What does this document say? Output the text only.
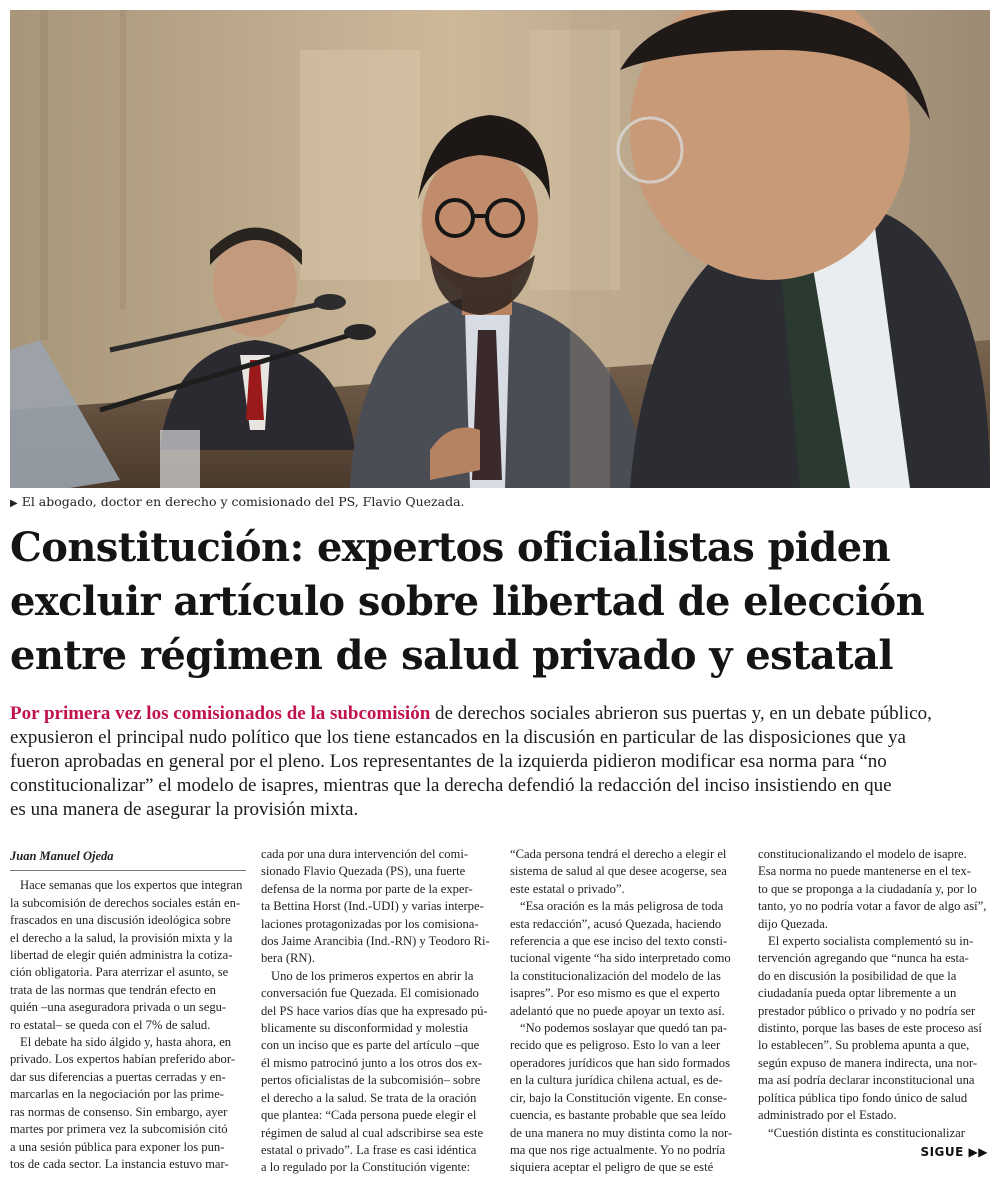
▶ El abogado, doctor en derecho y comisionado del PS, Flavio Quezada.
Constitución: expertos oficialistas piden
excluir artículo sobre libertad de elección
entre régimen de salud privado y estatal

Por primera vez los comisionados de la subcomisión de derechos sociales abrieron sus puertas y, en un debate público,
expusieron el principal nudo político que los tiene estancados en la discusión en particular de las disposiciones que ya
fueron aprobadas en general por el pleno. Los representantes de la izquierda pidieron modificar esa norma para “no
constitucionalizar” el modelo de isapres, mientras que la derecha defendió la redacción del inciso insistiendo en que
es una manera de asegurar la provisión mixta.

Juan Manuel Ojeda
Hace semanas que los expertos que integran
la subcomisión de derechos sociales están en-
frascados en una discusión ideológica sobre
el derecho a la salud, la provisión mixta y la
libertad de elegir quién administra la cotiza-
ción obligatoria. Para aterrizar el asunto, se
trata de las normas que tendrán efecto en
quién –una aseguradora privada o un segu-
ro estatal– se queda con el 7% de salud.
El debate ha sido álgido y, hasta ahora, en
privado. Los expertos habían preferido abor-
dar sus diferencias a puertas cerradas y en-
marcarlas en la negociación por las prime-
ras normas de consenso. Sin embargo, ayer
martes por primera vez la subcomisión citó
a una sesión pública para exponer los pun-
tos de cada sector. La instancia estuvo mar-
cada por una dura intervención del comi-
sionado Flavio Quezada (PS), una fuerte
defensa de la norma por parte de la exper-
ta Bettina Horst (Ind.-UDI) y varias interpe-
laciones protagonizadas por los comisiona-
dos Jaime Arancibia (Ind.-RN) y Teodoro Ri-
bera (RN).
Uno de los primeros expertos en abrir la
conversación fue Quezada. El comisionado
del PS hace varios días que ha expresado pú-
blicamente su disconformidad y molestia
con un inciso que es parte del artículo –que
él mismo patrocinó junto a los otros dos ex-
pertos oficialistas de la subcomisión– sobre
el derecho a la salud. Se trata de la oración
que plantea: “Cada persona puede elegir el
régimen de salud al cual adscribirse sea este
estatal o privado”. La frase es casi idéntica
a lo regulado por la Constitución vigente:
“Cada persona tendrá el derecho a elegir el
sistema de salud al que desee acogerse, sea
este estatal o privado”.
“Esa oración es la más peligrosa de toda
esta redacción”, acusó Quezada, haciendo
referencia a que ese inciso del texto consti-
tucional vigente “ha sido interpretado como
la constitucionalización del modelo de las
isapres”. Por eso mismo es que el experto
adelantó que no puede apoyar un texto así.
“No podemos soslayar que quedó tan pa-
recido que es peligroso. Esto lo van a leer
operadores jurídicos que han sido formados
en la cultura jurídica chilena actual, es de-
cir, bajo la Constitución vigente. En conse-
cuencia, es bastante probable que sea leído
de una manera no muy distinta como la nor-
ma que nos rige actualmente. Yo no podría
siquiera aceptar el peligro de que se esté
constitucionalizando el modelo de isapre.
Esa norma no puede mantenerse en el tex-
to que se proponga a la ciudadanía y, por lo
tanto, yo no podría votar a favor de algo así”,
dijo Quezada.
El experto socialista complementó su in-
tervención agregando que “nunca ha esta-
do en discusión la posibilidad de que la
ciudadanía pueda optar libremente a un
prestador público o privado y no podría ser
distinto, porque las bases de este proceso así
lo establecen”. Su problema apunta a que,
según expuso de manera indirecta, una nor-
ma así podría declarar inconstitucional una
política pública tipo fondo único de salud
administrado por el Estado.
“Cuestión distinta es constitucionalizar
SIGUE ▶▶
